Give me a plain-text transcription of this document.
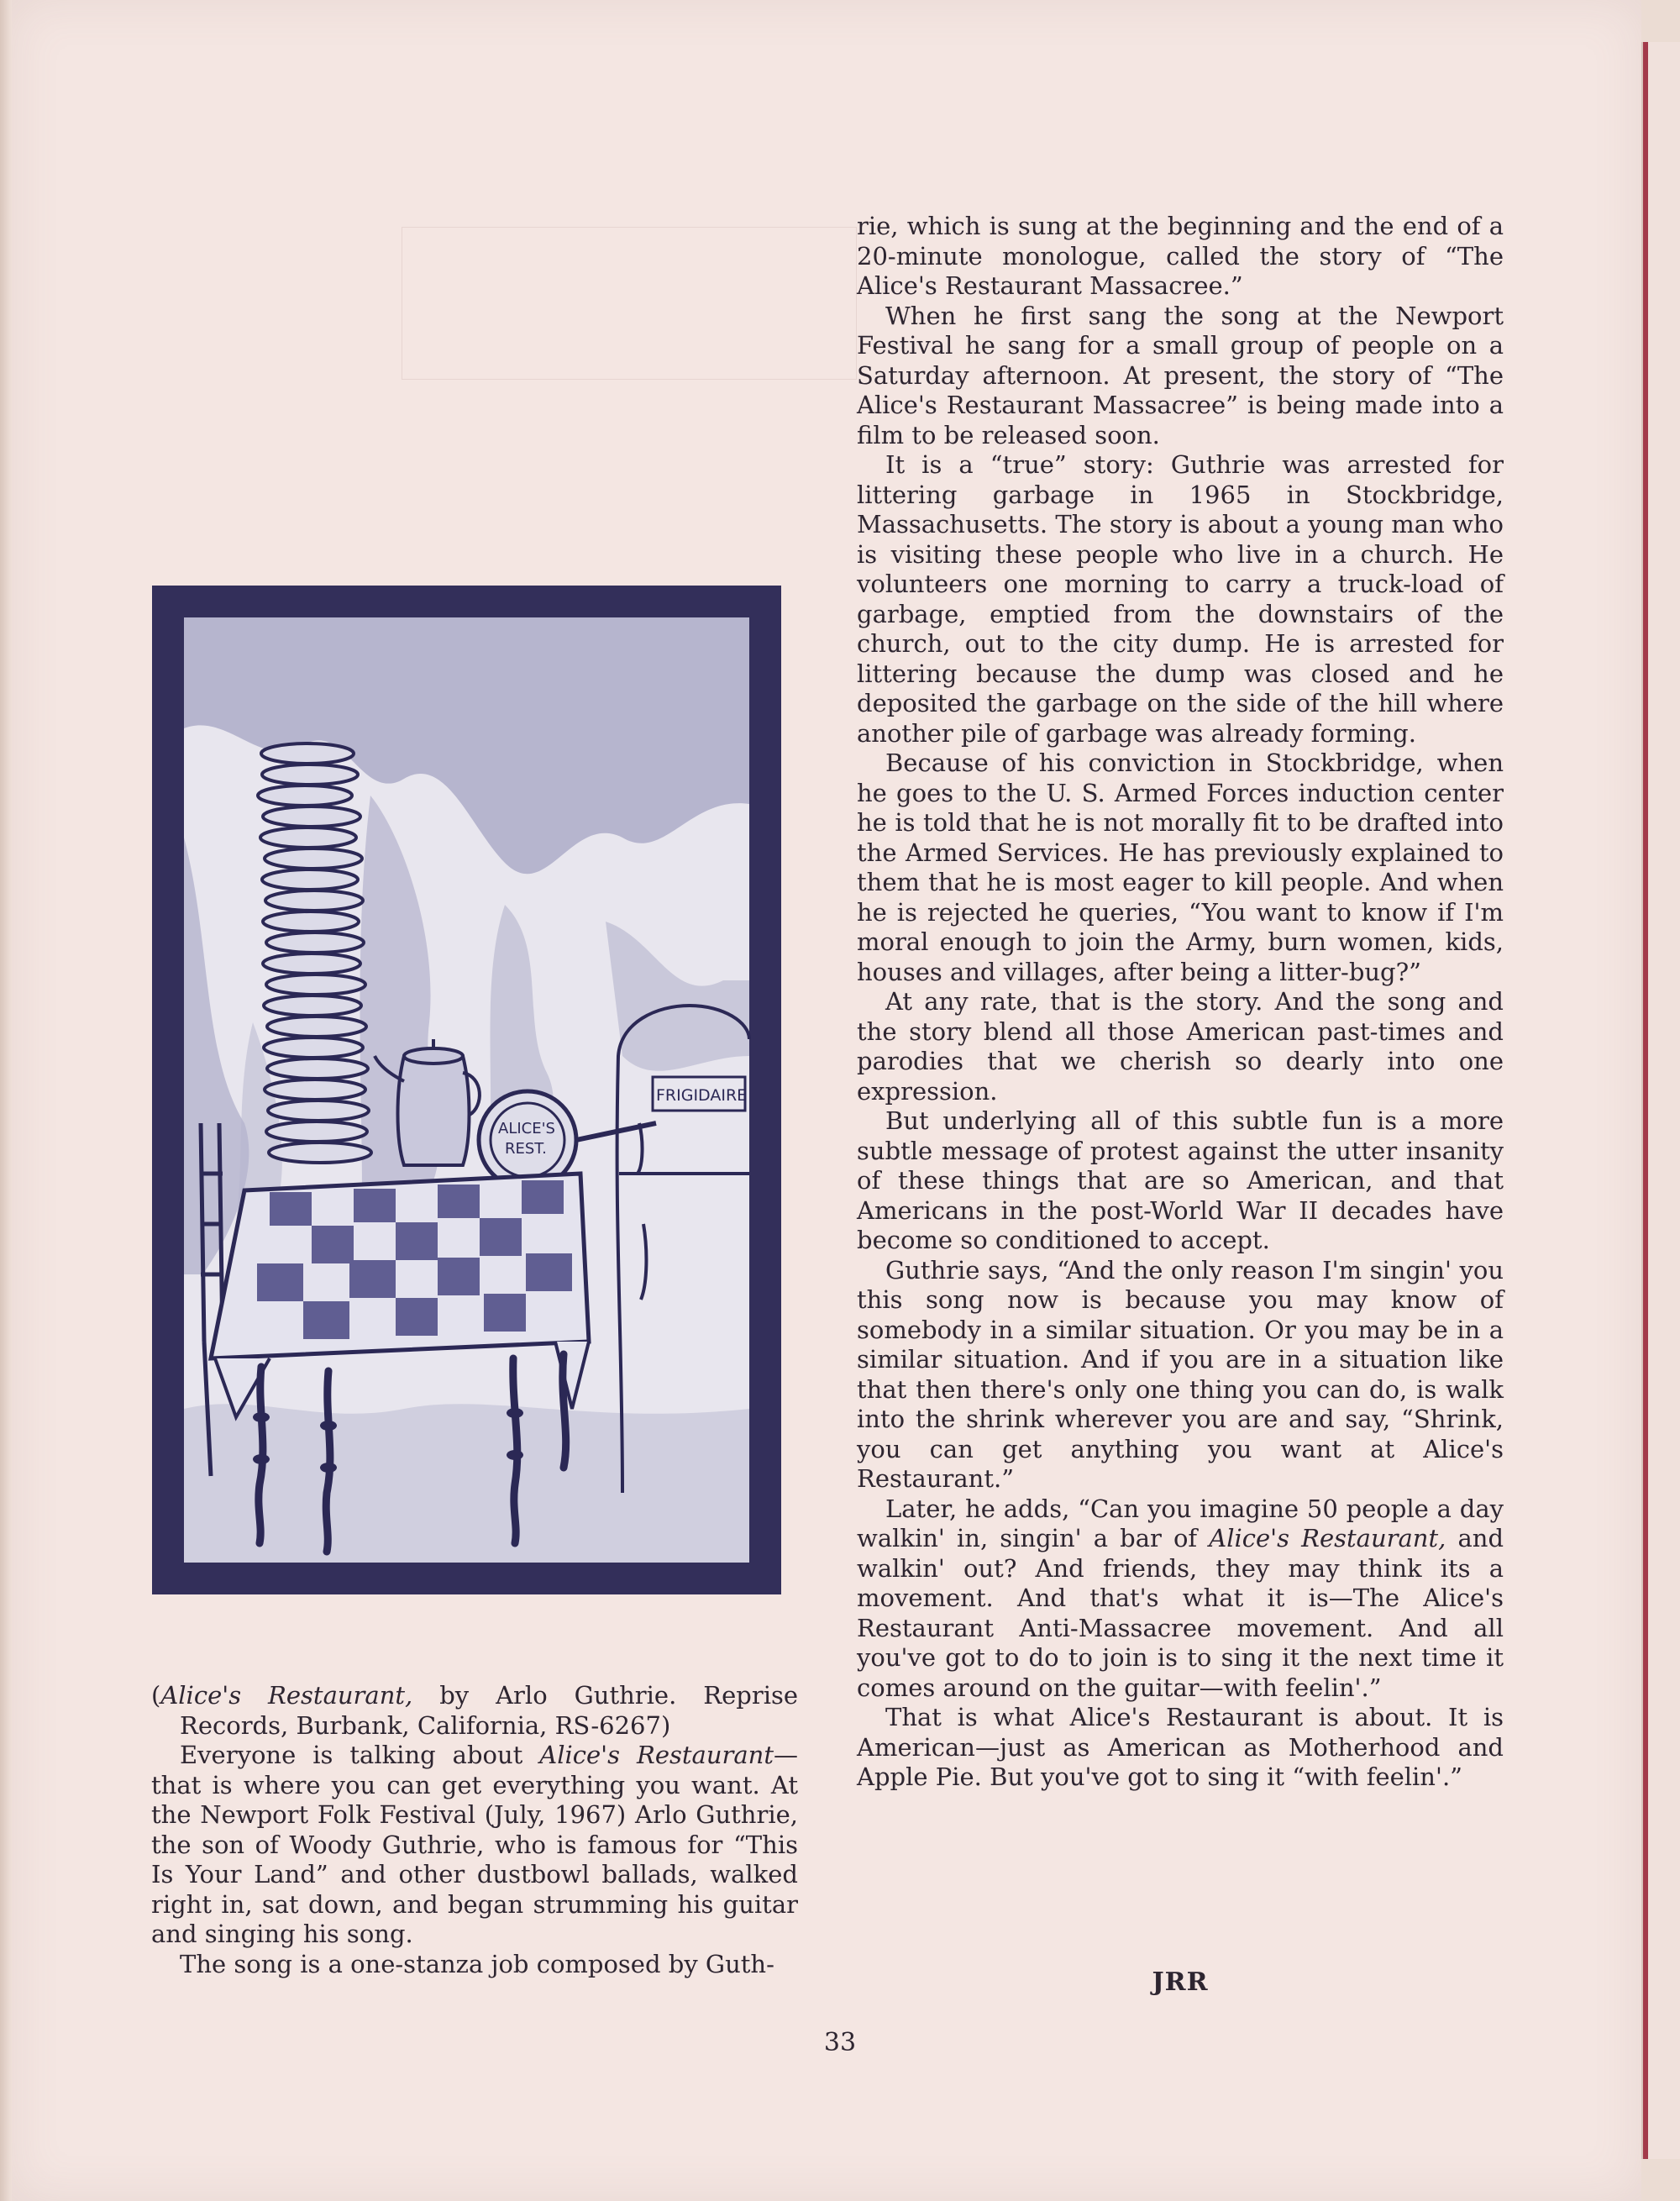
FRIGIDAIRE
ALICE'S
REST.

(Alice's Restaurant, by Arlo Guthrie. Reprise Records, Burbank, California, RS-6267)

Everyone is talking about Alice's Restaurant—that is where you can get everything you want. At the Newport Folk Festival (July, 1967) Arlo Guthrie, the son of Woody Guthrie, who is famous for “This Is Your Land” and other dustbowl ballads, walked right in, sat down, and began strumming his guitar and singing his song.

The song is a one-stanza job composed by Guth-

rie, which is sung at the beginning and the end of a 20-minute monologue, called the story of “The Alice's Restaurant Massacree.”

When he first sang the song at the Newport Festival he sang for a small group of people on a Saturday afternoon. At present, the story of “The Alice's Restaurant Massacree” is being made into a film to be released soon.

It is a “true” story: Guthrie was arrested for littering garbage in 1965 in Stockbridge, Massachusetts. The story is about a young man who is visiting these people who live in a church. He volunteers one morning to carry a truck-load of garbage, emptied from the downstairs of the church, out to the city dump. He is arrested for littering because the dump was closed and he deposited the garbage on the side of the hill where another pile of garbage was already forming.

Because of his conviction in Stockbridge, when he goes to the U. S. Armed Forces induction center he is told that he is not morally fit to be drafted into the Armed Services. He has previously explained to them that he is most eager to kill people. And when he is rejected he queries, “You want to know if I'm moral enough to join the Army, burn women, kids, houses and villages, after being a litter-bug?”

At any rate, that is the story. And the song and the story blend all those American past-times and parodies that we cherish so dearly into one expression.

But underlying all of this subtle fun is a more subtle message of protest against the utter insanity of these things that are so American, and that Americans in the post-World War II decades have become so conditioned to accept.

Guthrie says, “And the only reason I'm singin' you this song now is because you may know of somebody in a similar situation. Or you may be in a similar situation. And if you are in a situation like that then there's only one thing you can do, is walk into the shrink wherever you are and say, “Shrink, you can get anything you want at Alice's Restaurant.”

Later, he adds, “Can you imagine 50 people a day walkin' in, singin' a bar of Alice's Restaurant, and walkin' out? And friends, they may think its a movement. And that's what it is—The Alice's Restaurant Anti-Massacree movement. And all you've got to do to join is to sing it the next time it comes around on the guitar—with feelin'.”

That is what Alice's Restaurant is about. It is American—just as American as Motherhood and Apple Pie. But you've got to sing it “with feelin'.”

JRR
33
